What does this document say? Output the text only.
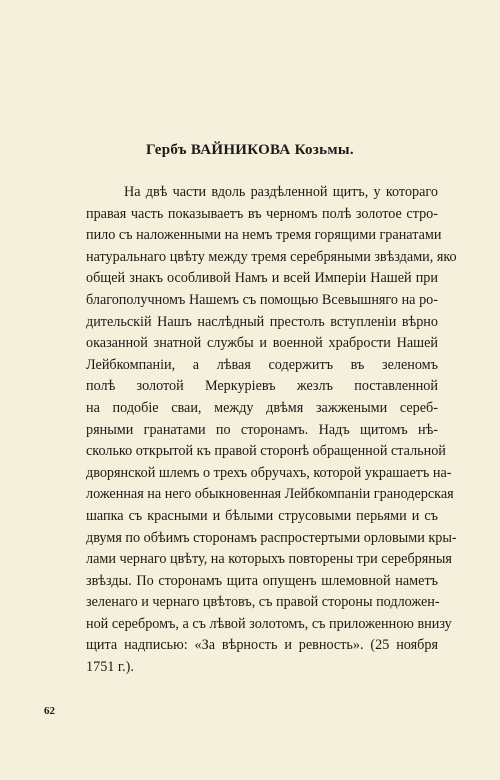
Гербъ ВАЙНИКОВА Козьмы.
На двѣ части вдоль раздѣленной щитъ, у котораго
правая часть показываетъ въ черномъ полѣ золотое стро-
пило съ наложенными на немъ тремя горящими гранатами
натуральнаго цвѣту между тремя серебряными звѣздами, яко
общей знакъ особливой Намъ и всей Имперіи Нашей при
благополучномъ Нашемъ съ помощью Всевышняго на ро-
дительскій Нашъ наслѣдный престолъ вступленіи вѣрно
оказанной знатной службы и военной храбрости Нашей
Лейбкомпаніи, а лѣвая содержитъ въ зеленомъ
полѣ золотой Меркуріевъ жезлъ поставленной
на подобіе сваи, между двѣмя зажжеными сереб-
ряными гранатами по сторонамъ. Надъ щитомъ нѣ-
сколько открытой къ правой сторонѣ обращенной стальной
дворянской шлемъ о трехъ обручахъ, которой украшаетъ на-
ложенная на него обыкновенная Лейбкомпаніи гранодерская
шапка съ красными и бѣлыми струсовыми перьями и съ
двумя по обѣимъ сторонамъ распростертыми орловыми кры-
лами чернаго цвѣту, на которыхъ повторены три серебряныя
звѣзды. По сторонамъ щита опущенъ шлемовной наметъ
зеленаго и чернаго цвѣтовъ, съ правой стороны подложен-
ной серебромъ, а съ лѣвой золотомъ, съ приложенною внизу
щита надписью: «За вѣрность и ревность». (25 ноября
1751 г.).
62
